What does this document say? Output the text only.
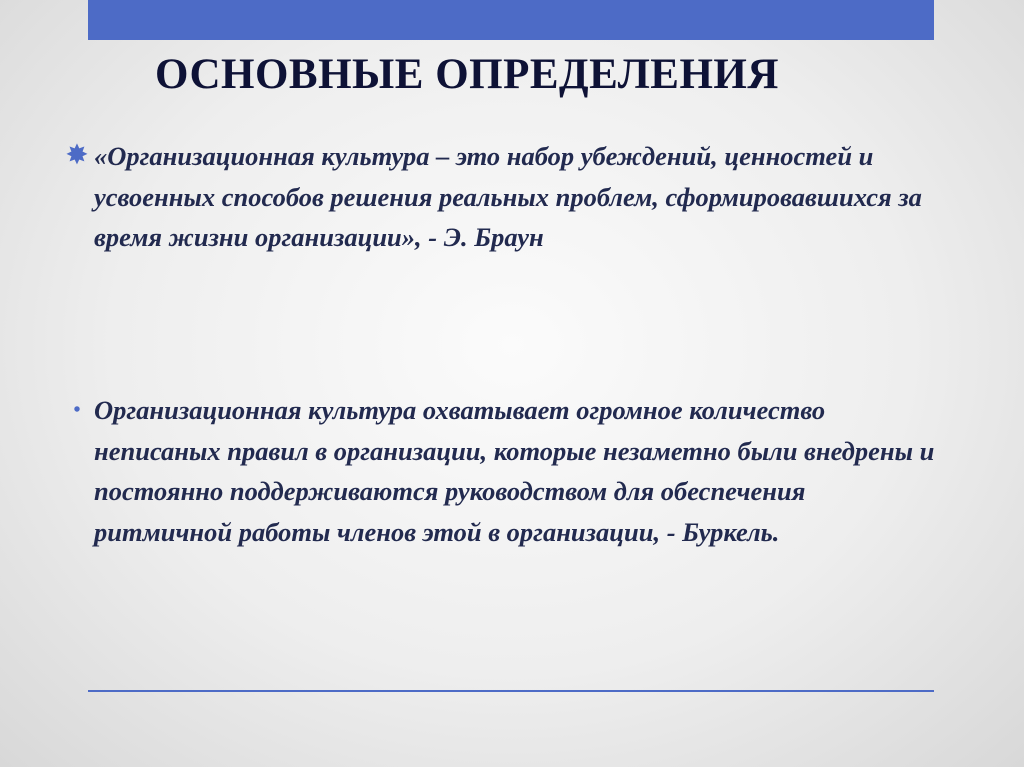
ОСНОВНЫЕ ОПРЕДЕЛЕНИЯ
✸ «Организационная культура – это набор убеждений, ценностей и усвоенных способов решения реальных проблем, сформировавшихся за время жизни организации», - Э. Браун
• Организационная культура охватывает огромное количество неписаных правил в организации, которые незаметно были внедрены и постоянно поддерживаются руководством для обеспечения ритмичной работы членов этой в организации, - Буркель.
